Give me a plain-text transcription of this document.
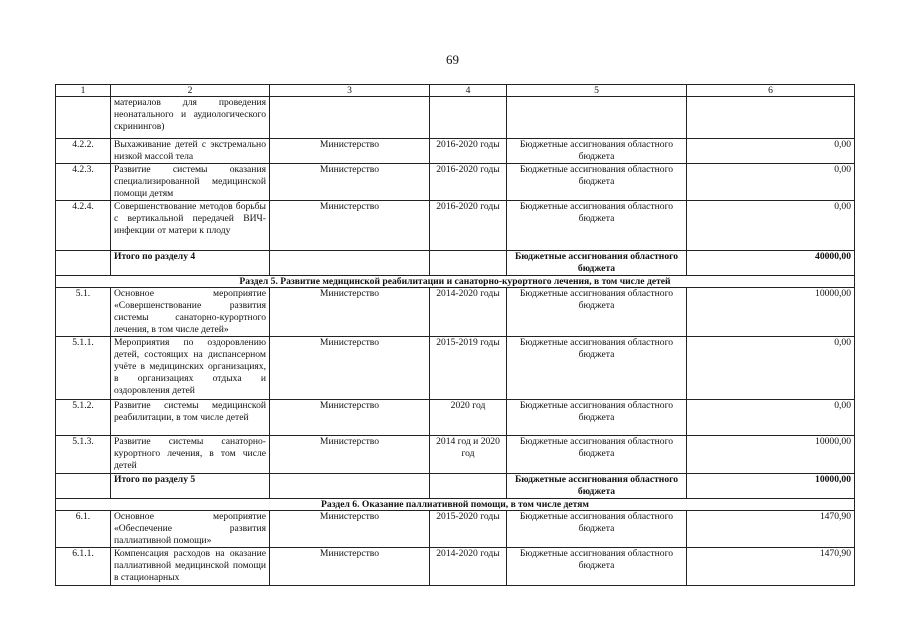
69
1	2	3	4	5	6
	материалов для проведения неонатального и аудиологического скринингов)				
4.2.2.	Выхаживание детей с экстремально низкой массой тела	Министерство	2016-2020 годы	Бюджетные ассигнования областного бюджета	0,00
4.2.3.	Развитие системы оказания специализированной медицинской помощи детям	Министерство	2016-2020 годы	Бюджетные ассигнования областного бюджета	0,00
4.2.4.	Совершенствование методов борьбы с вертикальной передачей ВИЧ-инфекции от матери к плоду	Министерство	2016-2020 годы	Бюджетные ассигнования областного бюджета	0,00
	Итого по разделу 4			Бюджетные ассигнования областного бюджета	40000,00
Раздел 5. Развитие медицинской реабилитации и санаторно-курортного лечения, в том числе детей					
5.1.	Основное мероприятие «Совершенствование развития системы санаторно-курортного лечения, в том числе детей»	Министерство	2014-2020 годы	Бюджетные ассигнования областного бюджета	10000,00
5.1.1.	Мероприятия по оздоровлению детей, состоящих на диспансерном учёте в медицинских организациях, в организациях отдыха и оздоровления детей	Министерство	2015-2019 годы	Бюджетные ассигнования областного бюджета	0,00
5.1.2.	Развитие системы медицинской реабилитации, в том числе детей	Министерство	2020 год	Бюджетные ассигнования областного бюджета	0,00
5.1.3.	Развитие системы санаторно-курортного лечения, в том числе детей	Министерство	2014 год и 2020 год	Бюджетные ассигнования областного бюджета	10000,00
	Итого по разделу 5			Бюджетные ассигнования областного бюджета	10000,00
Раздел 6. Оказание паллиативной помощи, в том числе детям					
6.1.	Основное мероприятие «Обеспечение развития паллиативной помощи»	Министерство	2015-2020 годы	Бюджетные ассигнования областного бюджета	1470,90
6.1.1.	Компенсация расходов на оказание паллиативной медицинской помощи в стационарных	Министерство	2014-2020 годы	Бюджетные ассигнования областного бюджета	1470,90
